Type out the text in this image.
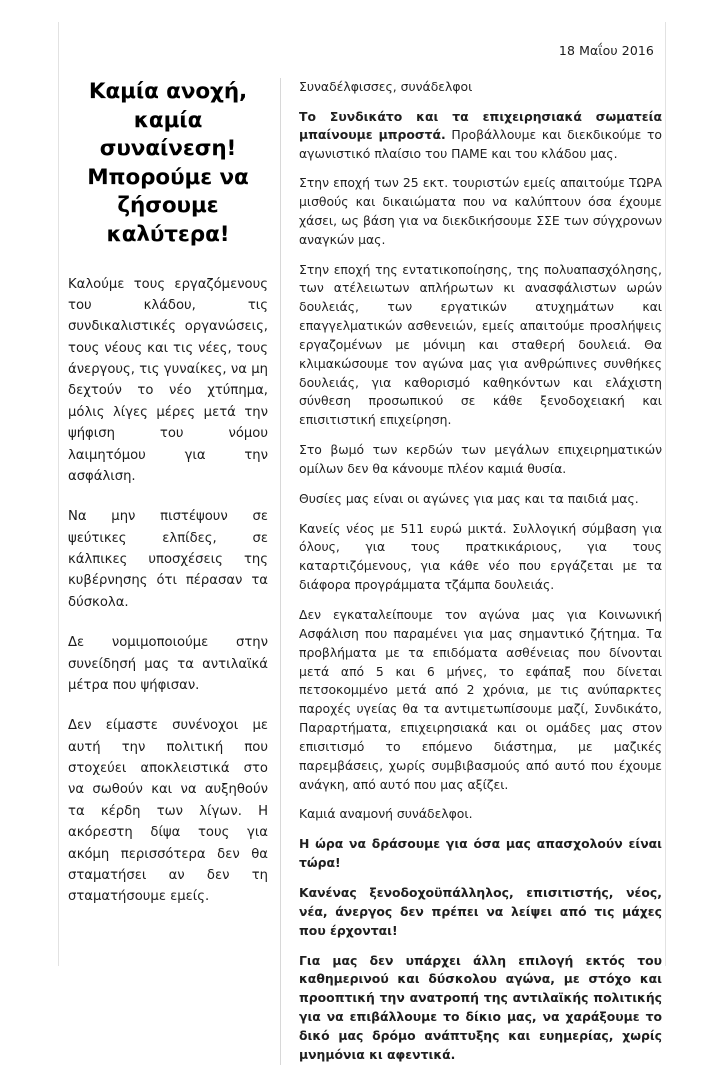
18 Μαΐου 2016
Καμία ανοχή, καμία συναίνεση! Μπορούμε να ζήσουμε καλύτερα!

Καλούμε τους εργαζόμενους του κλάδου, τις συνδικαλιστικές οργανώσεις, τους νέους και τις νέες, τους άνεργους, τις γυναίκες, να μη δεχτούν το νέο χτύπημα, μόλις λίγες μέρες μετά την ψήφιση του νόμου λαιμητόμου για την ασφάλιση.

Να μην πιστέψουν σε ψεύτικες ελπίδες, σε κάλπικες υποσχέσεις της κυβέρνησης ότι πέρασαν τα δύσκολα.

Δε νομιμοποιούμε στην συνείδησή μας τα αντιλαϊκά μέτρα που ψήφισαν.

Δεν είμαστε συνένοχοι με αυτή την πολιτική που στοχεύει αποκλειστικά στο να σωθούν και να αυξηθούν τα κέρδη των λίγων. Η ακόρεστη δίψα τους για ακόμη περισσότερα δεν θα σταματήσει αν δεν τη σταματήσουμε εμείς.

Συναδέλφισσες, συνάδελφοι

Το Συνδικάτο και τα επιχειρησιακά σωματεία μπαίνουμε μπροστά. Προβάλλουμε και διεκδικούμε το αγωνιστικό πλαίσιο του ΠΑΜΕ και του κλάδου μας.

Στην εποχή των 25 εκτ. τουριστών εμείς απαιτούμε ΤΩΡΑ μισθούς και δικαιώματα που να καλύπτουν όσα έχουμε χάσει, ως βάση για να διεκδικήσουμε ΣΣΕ των σύγχρονων αναγκών μας.

Στην εποχή της εντατικοποίησης, της πολυαπασχόλησης, των ατέλειωτων απλήρωτων κι ανασφάλιστων ωρών δουλειάς, των εργατικών ατυχημάτων και επαγγελματικών ασθενειών, εμείς απαιτούμε προσλήψεις εργαζομένων με μόνιμη και σταθερή δουλειά. Θα κλιμακώσουμε τον αγώνα μας για ανθρώπινες συνθήκες δουλειάς, για καθορισμό καθηκόντων και ελάχιστη σύνθεση προσωπικού σε κάθε ξενοδοχειακή και επισιτιστική επιχείρηση.

Στο βωμό των κερδών των μεγάλων επιχειρηματικών ομίλων δεν θα κάνουμε πλέον καμιά θυσία.

Θυσίες μας είναι οι αγώνες για μας και τα παιδιά μας.

Κανείς νέος με 511 ευρώ μικτά. Συλλογική σύμβαση για όλους, για τους πρατκικάριους, για τους καταρτιζόμενους, για κάθε νέο που εργάζεται με τα διάφορα προγράμματα τζάμπα δουλειάς.

Δεν εγκαταλείπουμε τον αγώνα μας για Κοινωνική Ασφάλιση που παραμένει για μας σημαντικό ζήτημα. Τα προβλήματα με τα επιδόματα ασθένειας που δίνονται μετά από 5 και 6 μήνες, το εφάπαξ που δίνεται πετσοκομμένο μετά από 2 χρόνια, με τις ανύπαρκτες παροχές υγείας θα τα αντιμετωπίσουμε μαζί, Συνδικάτο, Παραρτήματα, επιχειρησιακά και οι ομάδες μας στον επισιτισμό το επόμενο διάστημα, με μαζικές παρεμβάσεις, χωρίς συμβιβασμούς από αυτό που έχουμε ανάγκη, από αυτό που μας αξίζει.

Καμιά αναμονή συνάδελφοι.

Η ώρα να δράσουμε για όσα μας απασχολούν είναι τώρα!

Κανένας ξενοδοχοϋπάλληλος, επισιτιστής, νέος, νέα, άνεργος δεν πρέπει να λείψει από τις μάχες που έρχονται!

Για μας δεν υπάρχει άλλη επιλογή εκτός του καθημερινού και δύσκολου αγώνα, με στόχο και προοπτική την ανατροπή της αντιλαϊκής πολιτικής για να επιβάλλουμε το δίκιο μας, να χαράξουμε το δικό μας δρόμο ανάπτυξης και ευημερίας, χωρίς μνημόνια κι αφεντικά.
